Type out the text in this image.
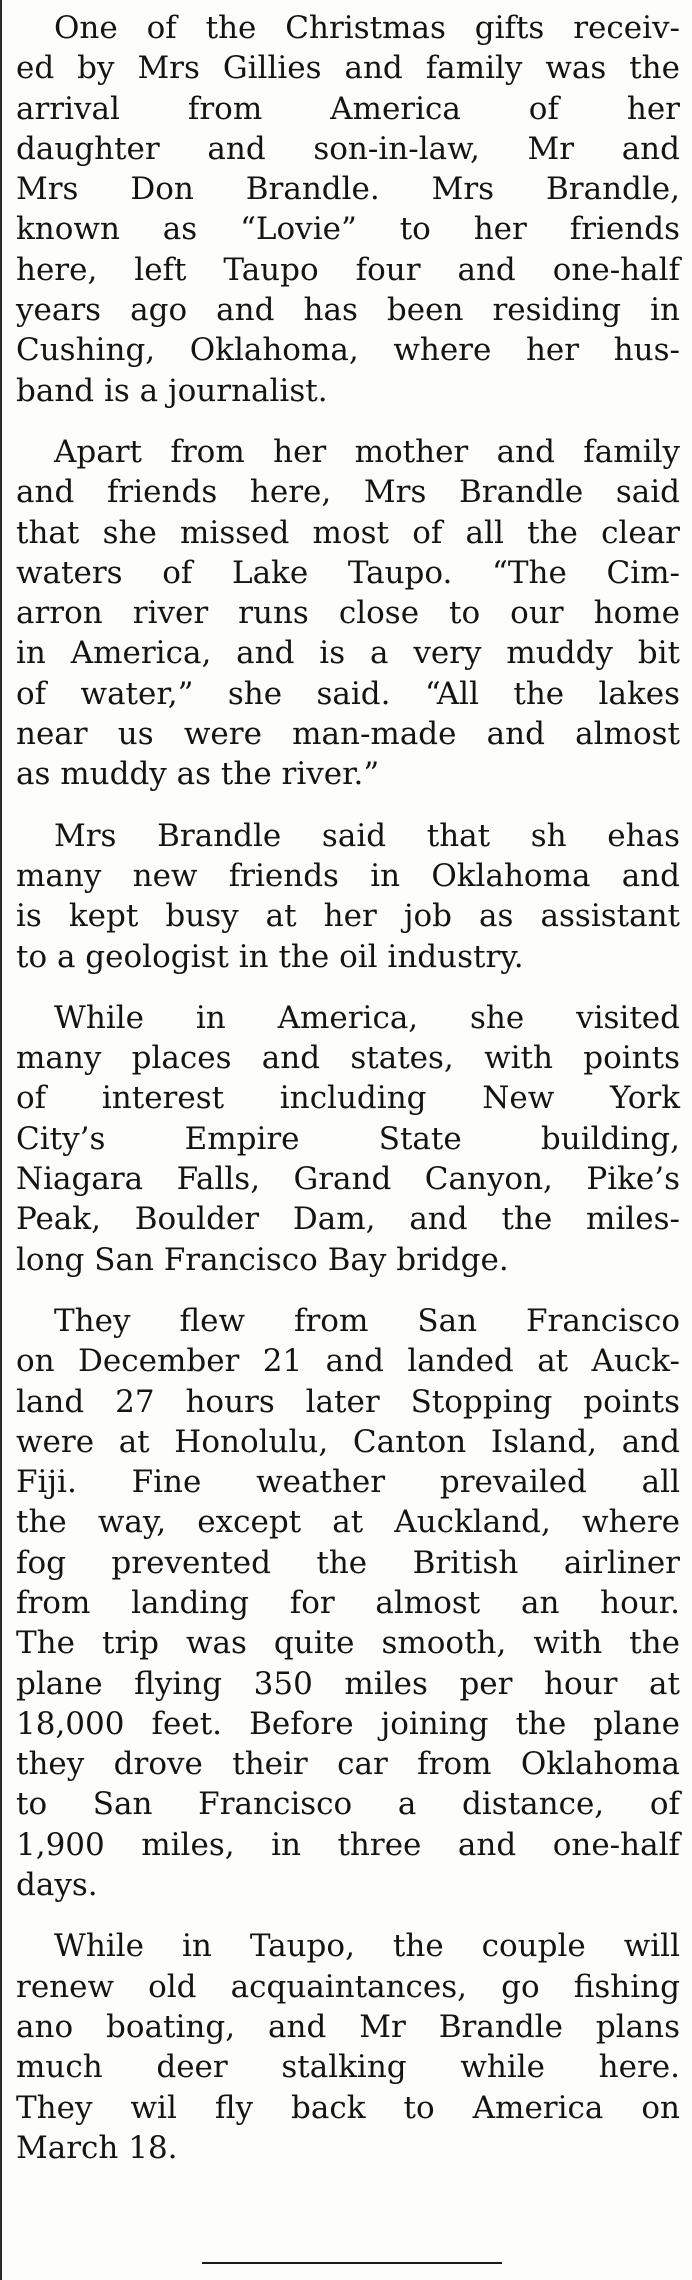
One of the Christmas gifts receiv-
ed by Mrs Gillies and family was the
arrival from America of her
daughter and son-in-law, Mr and
Mrs Don Brandle. Mrs Brandle,
known as “Lovie” to her friends
here, left Taupo four and one-half
years ago and has been residing in
Cushing, Oklahoma, where her hus-
band is a journalist.

Apart from her mother and family
and friends here, Mrs Brandle said
that she missed most of all the clear
waters of Lake Taupo. “The Cim-
arron river runs close to our home
in America, and is a very muddy bit
of water,” she said. “All the lakes
near us were man-made and almost
as muddy as the river.”

Mrs Brandle said that sh ehas
many new friends in Oklahoma and
is kept busy at her job as assistant
to a geologist in the oil industry.

While in America, she visited
many places and states, with points
of interest including New York
City’s Empire State building,
Niagara Falls, Grand Canyon, Pike’s
Peak, Boulder Dam, and the miles-
long San Francisco Bay bridge.

They flew from San Francisco
on December 21 and landed at Auck-
land 27 hours later Stopping points
were at Honolulu, Canton Island, and
Fiji. Fine weather prevailed all
the way, except at Auckland, where
fog prevented the British airliner
from landing for almost an hour.
The trip was quite smooth, with the
plane flying 350 miles per hour at
18,000 feet. Before joining the plane
they drove their car from Oklahoma
to San Francisco a distance, of
1,900 miles, in three and one-half
days.

While in Taupo, the couple will
renew old acquaintances, go fishing
ano boating, and Mr Brandle plans
much deer stalking while here.
They wil fly back to America on
March 18.
